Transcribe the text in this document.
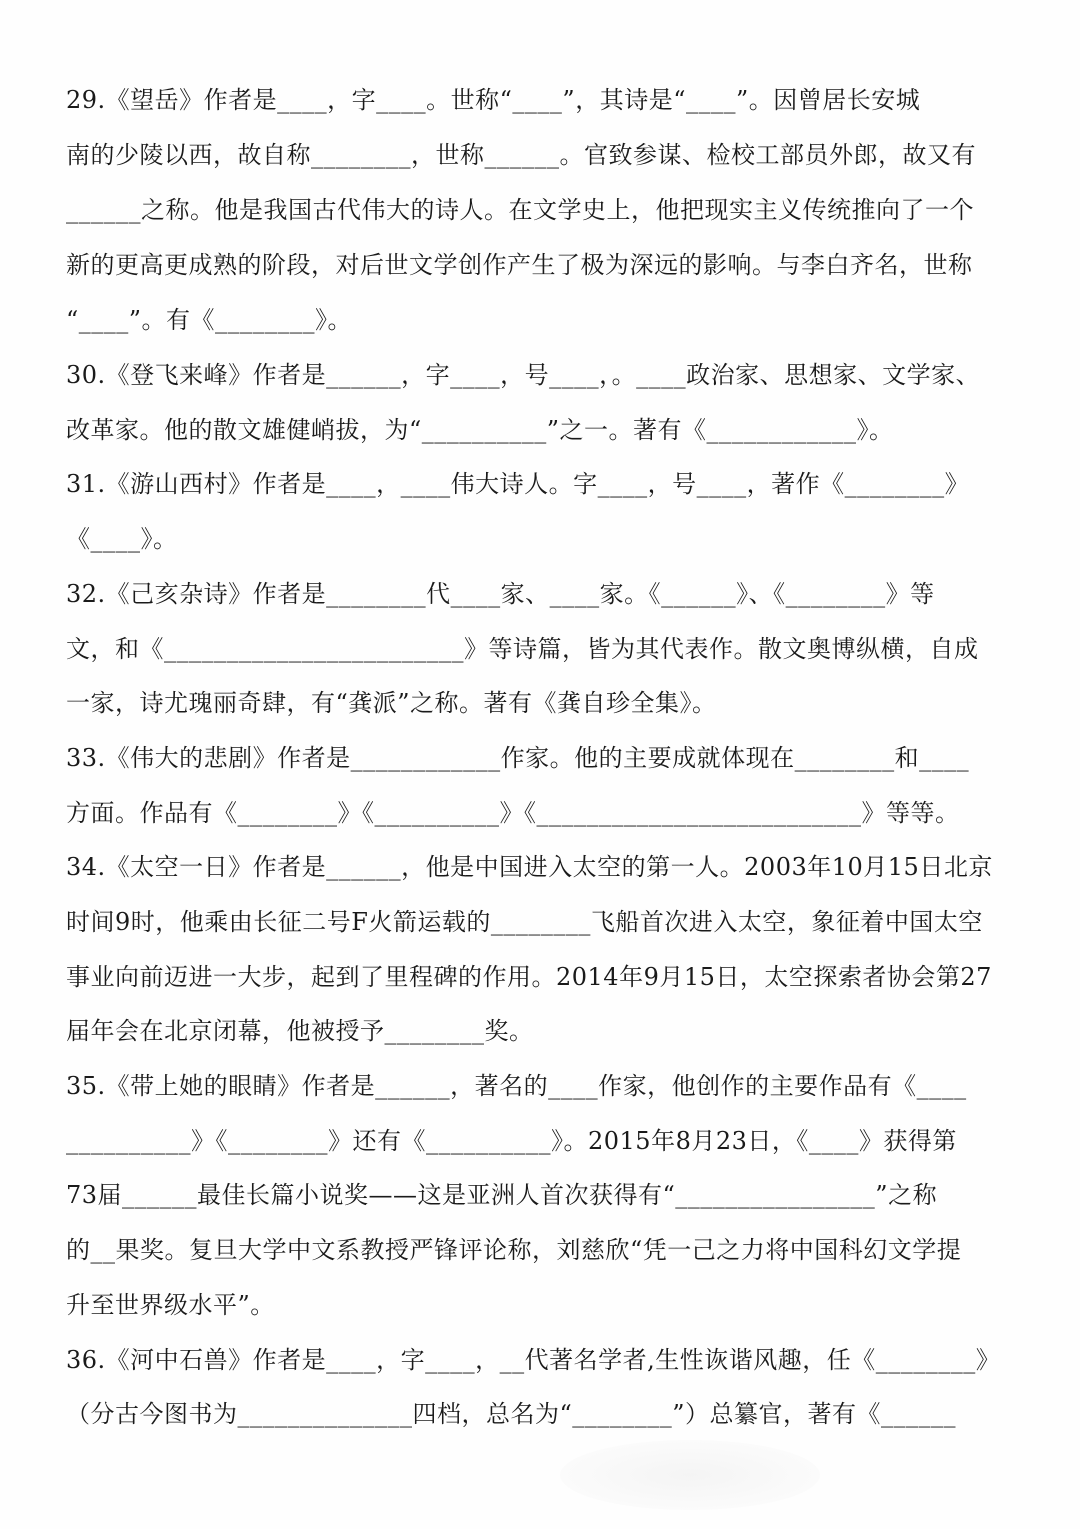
29.《望岳》作者是____，字____。世称“____”，其诗是“____”。因曾居长安城
南的少陵以西，故自称________，世称______。官致参谋、检校工部员外郎，故又有
______之称。他是我国古代伟大的诗人。在文学史上，他把现实主义传统推向了一个
新的更高更成熟的阶段，对后世文学创作产生了极为深远的影响。与李白齐名，世称
“____”。有《________》。
30.《登飞来峰》作者是______，字____，号____，。____政治家、思想家、文学家、
改革家。他的散文雄健峭拔，为“__________”之一。著有《____________》。
31.《游山西村》作者是____，____伟大诗人。字____，号____，著作《________》
《____》。
32.《己亥杂诗》作者是________代____家、____家。《______》、《________》等
文，和《________________________》等诗篇，皆为其代表作。散文奥博纵横，自成
一家，诗尤瑰丽奇肆，有“龚派”之称。著有《龚自珍全集》。
33.《伟大的悲剧》作者是____________作家。他的主要成就体现在________和____
方面。作品有《________》《__________》《__________________________》等等。
34.《太空一日》作者是______，他是中国进入太空的第一人。2003年10月15日北京
时间9时，他乘由长征二号F火箭运载的________飞船首次进入太空，象征着中国太空
事业向前迈进一大步，起到了里程碑的作用。2014年9月15日，太空探索者协会第27
届年会在北京闭幕，他被授予________奖。
35.《带上她的眼睛》作者是______，著名的____作家，他创作的主要作品有《____
__________》《________》还有《__________》。2015年8月23日，《____》获得第
73届______最佳长篇小说奖——这是亚洲人首次获得有“________________”之称
的__果奖。复旦大学中文系教授严锋评论称，刘慈欣“凭一己之力将中国科幻文学提
升至世界级水平”。
36.《河中石兽》作者是____，字____，__代著名学者,生性诙谐风趣，任《________》
（分古今图书为______________四档，总名为“________”）总纂官，著有《______
